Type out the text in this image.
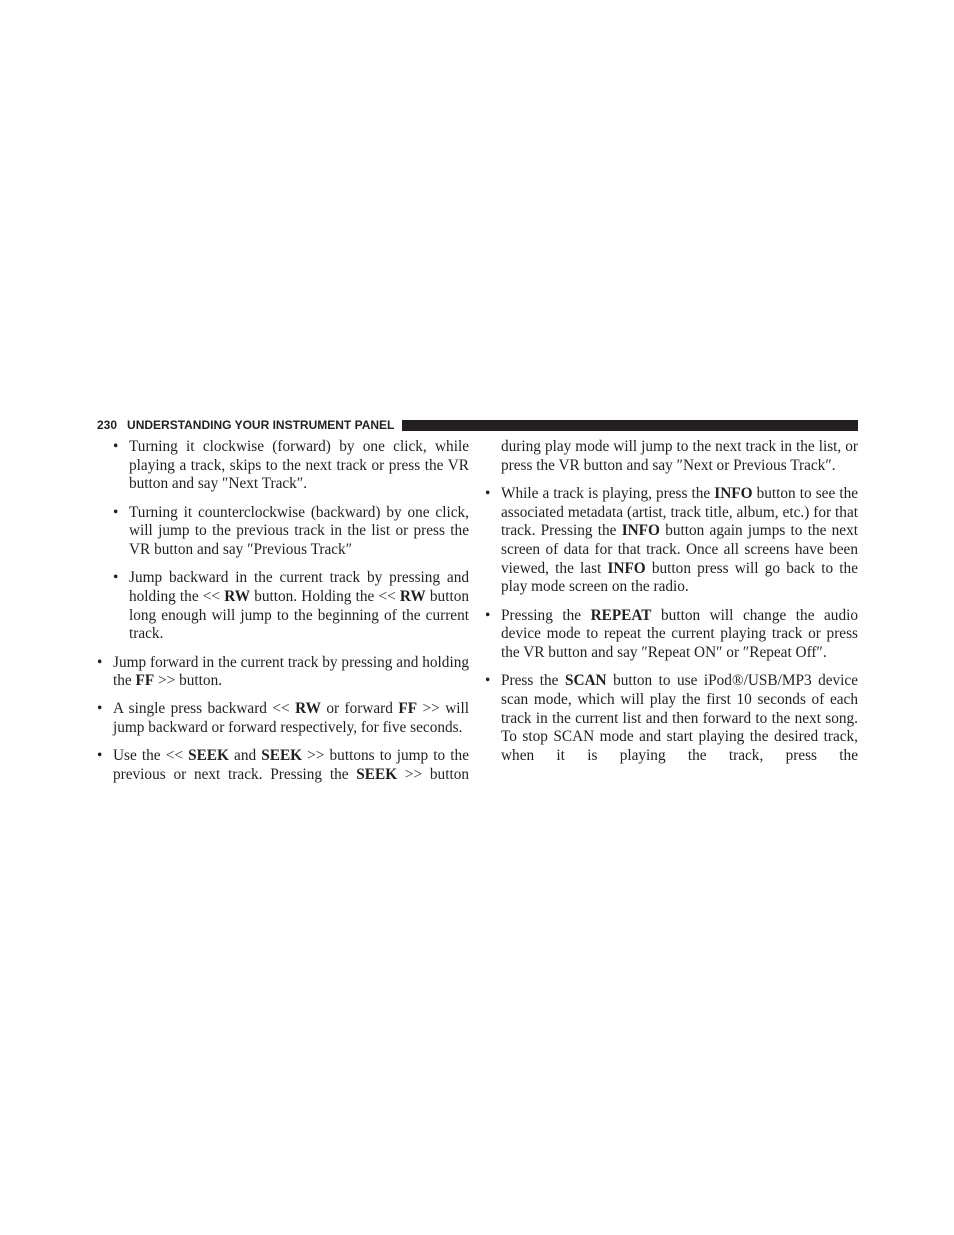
230 UNDERSTANDING YOUR INSTRUMENT PANEL
• Turning it clockwise (forward) by one click, while playing a track, skips to the next track or press the VR button and say ″Next Track″.
• Turning it counterclockwise (backward) by one click, will jump to the previous track in the list or press the VR button and say ″Previous Track″
• Jump backward in the current track by pressing and holding the << RW button. Holding the << RW button long enough will jump to the beginning of the current track.
• Jump forward in the current track by pressing and holding the FF >> button.
• A single press backward << RW or forward FF >> will jump backward or forward respectively, for five seconds.
• Use the << SEEK and SEEK >> buttons to jump to the previous or next track. Pressing the SEEK >> button

during play mode will jump to the next track in the list, or press the VR button and say ″Next or Previous Track″.

• While a track is playing, press the INFO button to see the associated metadata (artist, track title, album, etc.) for that track. Pressing the INFO button again jumps to the next screen of data for that track. Once all screens have been viewed, the last INFO button press will go back to the play mode screen on the radio.
• Pressing the REPEAT button will change the audio device mode to repeat the current playing track or press the VR button and say ″Repeat ON″ or ″Repeat Off″.
• Press the SCAN button to use iPod®/USB/MP3 device scan mode, which will play the first 10 seconds of each track in the current list and then forward to the next song. To stop SCAN mode and start playing the desired track, when it is playing the track, press the
